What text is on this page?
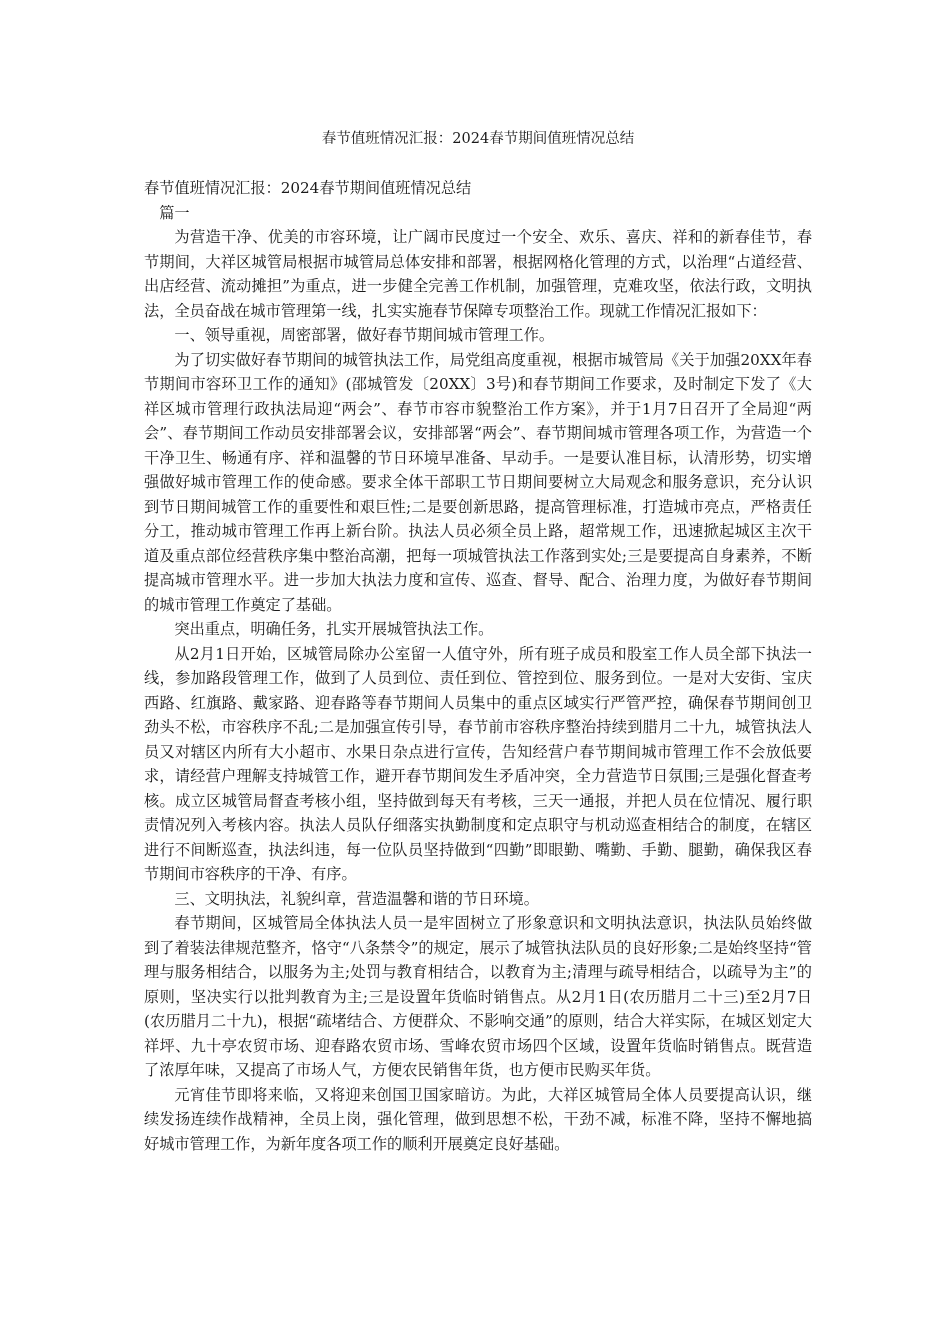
春节值班情况汇报：2024春节期间值班情况总结

春节值班情况汇报：2024春节期间值班情况总结

篇一

为营造干净、优美的市容环境，让广阔市民度过一个安全、欢乐、喜庆、祥和的新春佳节，春节期间，大祥区城管局根据市城管局总体安排和部署，根据网格化管理的方式，以治理“占道经营、出店经营、流动摊担”为重点，进一步健全完善工作机制，加强管理，克难攻坚，依法行政，文明执法，全员奋战在城市管理第一线，扎实实施春节保障专项整治工作。现就工作情况汇报如下：

一、领导重视，周密部署，做好春节期间城市管理工作。

为了切实做好春节期间的城管执法工作，局党组高度重视，根据市城管局《关于加强20XX年春节期间市容环卫工作的通知》(邵城管发〔20XX〕3号)和春节期间工作要求，及时制定下发了《大祥区城市管理行政执法局迎“两会”、春节市容市貌整治工作方案》，并于1月7日召开了全局迎“两会”、春节期间工作动员安排部署会议，安排部署“两会”、春节期间城市管理各项工作，为营造一个干净卫生、畅通有序、祥和温馨的节日环境早准备、早动手。一是要认准目标，认清形势，切实增强做好城市管理工作的使命感。要求全体干部职工节日期间要树立大局观念和服务意识，充分认识到节日期间城管工作的重要性和艰巨性;二是要创新思路，提高管理标准，打造城市亮点，严格责任分工，推动城市管理工作再上新台阶。执法人员必须全员上路，超常规工作，迅速掀起城区主次干道及重点部位经营秩序集中整治高潮，把每一项城管执法工作落到实处;三是要提高自身素养，不断提高城市管理水平。进一步加大执法力度和宣传、巡查、督导、配合、治理力度，为做好春节期间的城市管理工作奠定了基础。

突出重点，明确任务，扎实开展城管执法工作。

从2月1日开始，区城管局除办公室留一人值守外，所有班子成员和股室工作人员全部下执法一线，参加路段管理工作，做到了人员到位、责任到位、管控到位、服务到位。一是对大安街、宝庆西路、红旗路、戴家路、迎春路等春节期间人员集中的重点区域实行严管严控，确保春节期间创卫劲头不松，市容秩序不乱;二是加强宣传引导，春节前市容秩序整治持续到腊月二十九，城管执法人员又对辖区内所有大小超市、水果日杂点进行宣传，告知经营户春节期间城市管理工作不会放低要求，请经营户理解支持城管工作，避开春节期间发生矛盾冲突，全力营造节日氛围;三是强化督查考核。成立区城管局督查考核小组，坚持做到每天有考核，三天一通报，并把人员在位情况、履行职责情况列入考核内容。执法人员队仔细落实执勤制度和定点职守与机动巡查相结合的制度，在辖区进行不间断巡查，执法纠违，每一位队员坚持做到“四勤”即眼勤、嘴勤、手勤、腿勤，确保我区春节期间市容秩序的干净、有序。

三、文明执法，礼貌纠章，营造温馨和谐的节日环境。

春节期间，区城管局全体执法人员一是牢固树立了形象意识和文明执法意识，执法队员始终做到了着装法律规范整齐，恪守“八条禁令”的规定，展示了城管执法队员的良好形象;二是始终坚持“管理与服务相结合，以服务为主;处罚与教育相结合，以教育为主;清理与疏导相结合，以疏导为主”的原则，坚决实行以批判教育为主;三是设置年货临时销售点。从2月1日(农历腊月二十三)至2月7日(农历腊月二十九)，根据“疏堵结合、方便群众、不影响交通”的原则，结合大祥实际，在城区划定大祥坪、九十亭农贸市场、迎春路农贸市场、雪峰农贸市场四个区域，设置年货临时销售点。既营造了浓厚年味，又提高了市场人气，方便农民销售年货，也方便市民购买年货。

元宵佳节即将来临，又将迎来创国卫国家暗访。为此，大祥区城管局全体人员要提高认识，继续发扬连续作战精神，全员上岗，强化管理，做到思想不松，干劲不减，标准不降，坚持不懈地搞好城市管理工作，为新年度各项工作的顺利开展奠定良好基础。
